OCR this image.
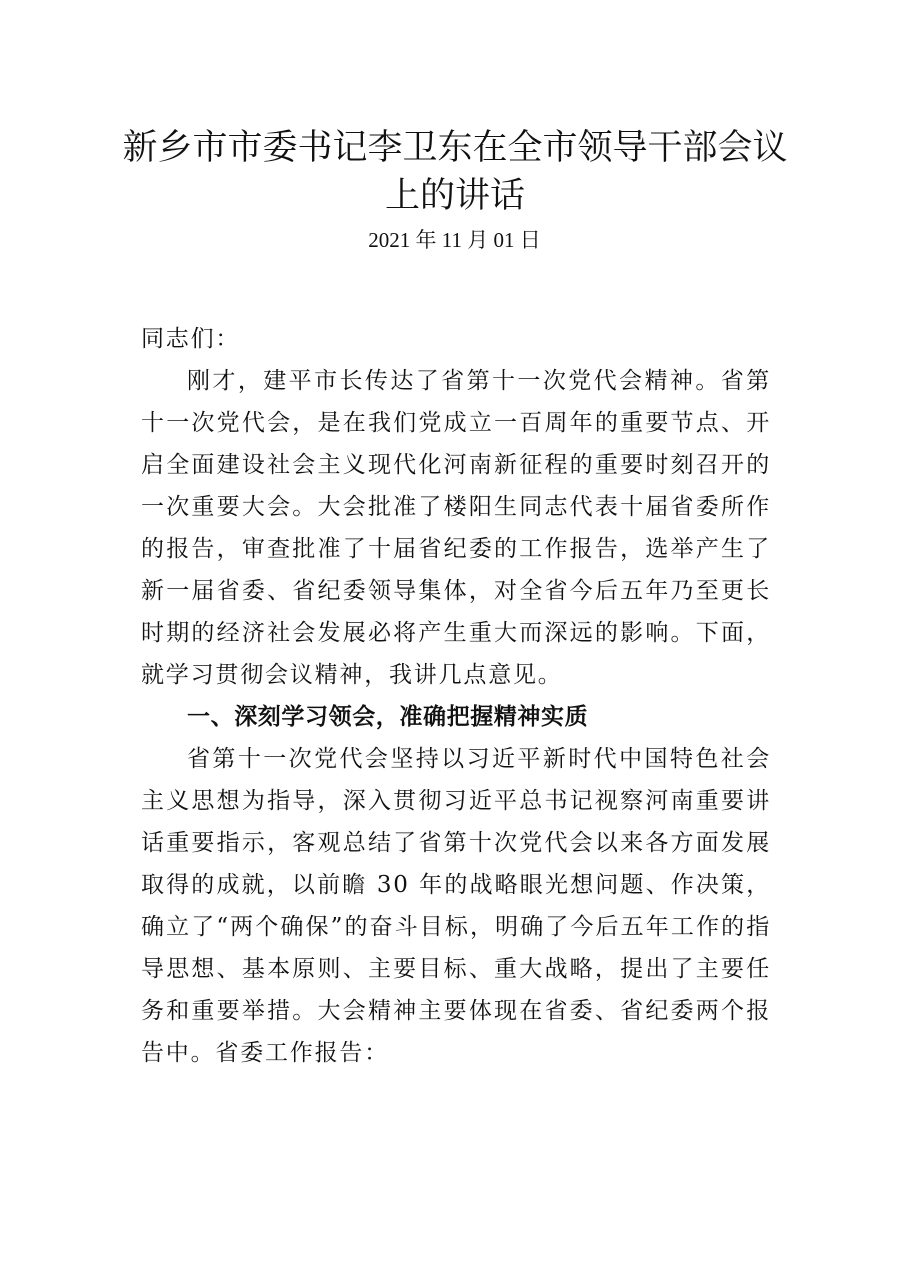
新乡市市委书记李卫东在全市领导干部会议上的讲话
2021 年 11 月 01 日

同志们：

刚才，建平市长传达了省第十一次党代会精神。省第十一次党代会，是在我们党成立一百周年的重要节点、开启全面建设社会主义现代化河南新征程的重要时刻召开的一次重要大会。大会批准了楼阳生同志代表十届省委所作的报告，审查批准了十届省纪委的工作报告，选举产生了新一届省委、省纪委领导集体，对全省今后五年乃至更长时期的经济社会发展必将产生重大而深远的影响。下面，就学习贯彻会议精神，我讲几点意见。

一、深刻学习领会，准确把握精神实质

省第十一次党代会坚持以习近平新时代中国特色社会主义思想为指导，深入贯彻习近平总书记视察河南重要讲话重要指示，客观总结了省第十次党代会以来各方面发展取得的成就，以前瞻 30 年的战略眼光想问题、作决策，确立了“两个确保”的奋斗目标，明确了今后五年工作的指导思想、基本原则、主要目标、重大战略，提出了主要任务和重要举措。大会精神主要体现在省委、省纪委两个报告中。省委工作报告：
